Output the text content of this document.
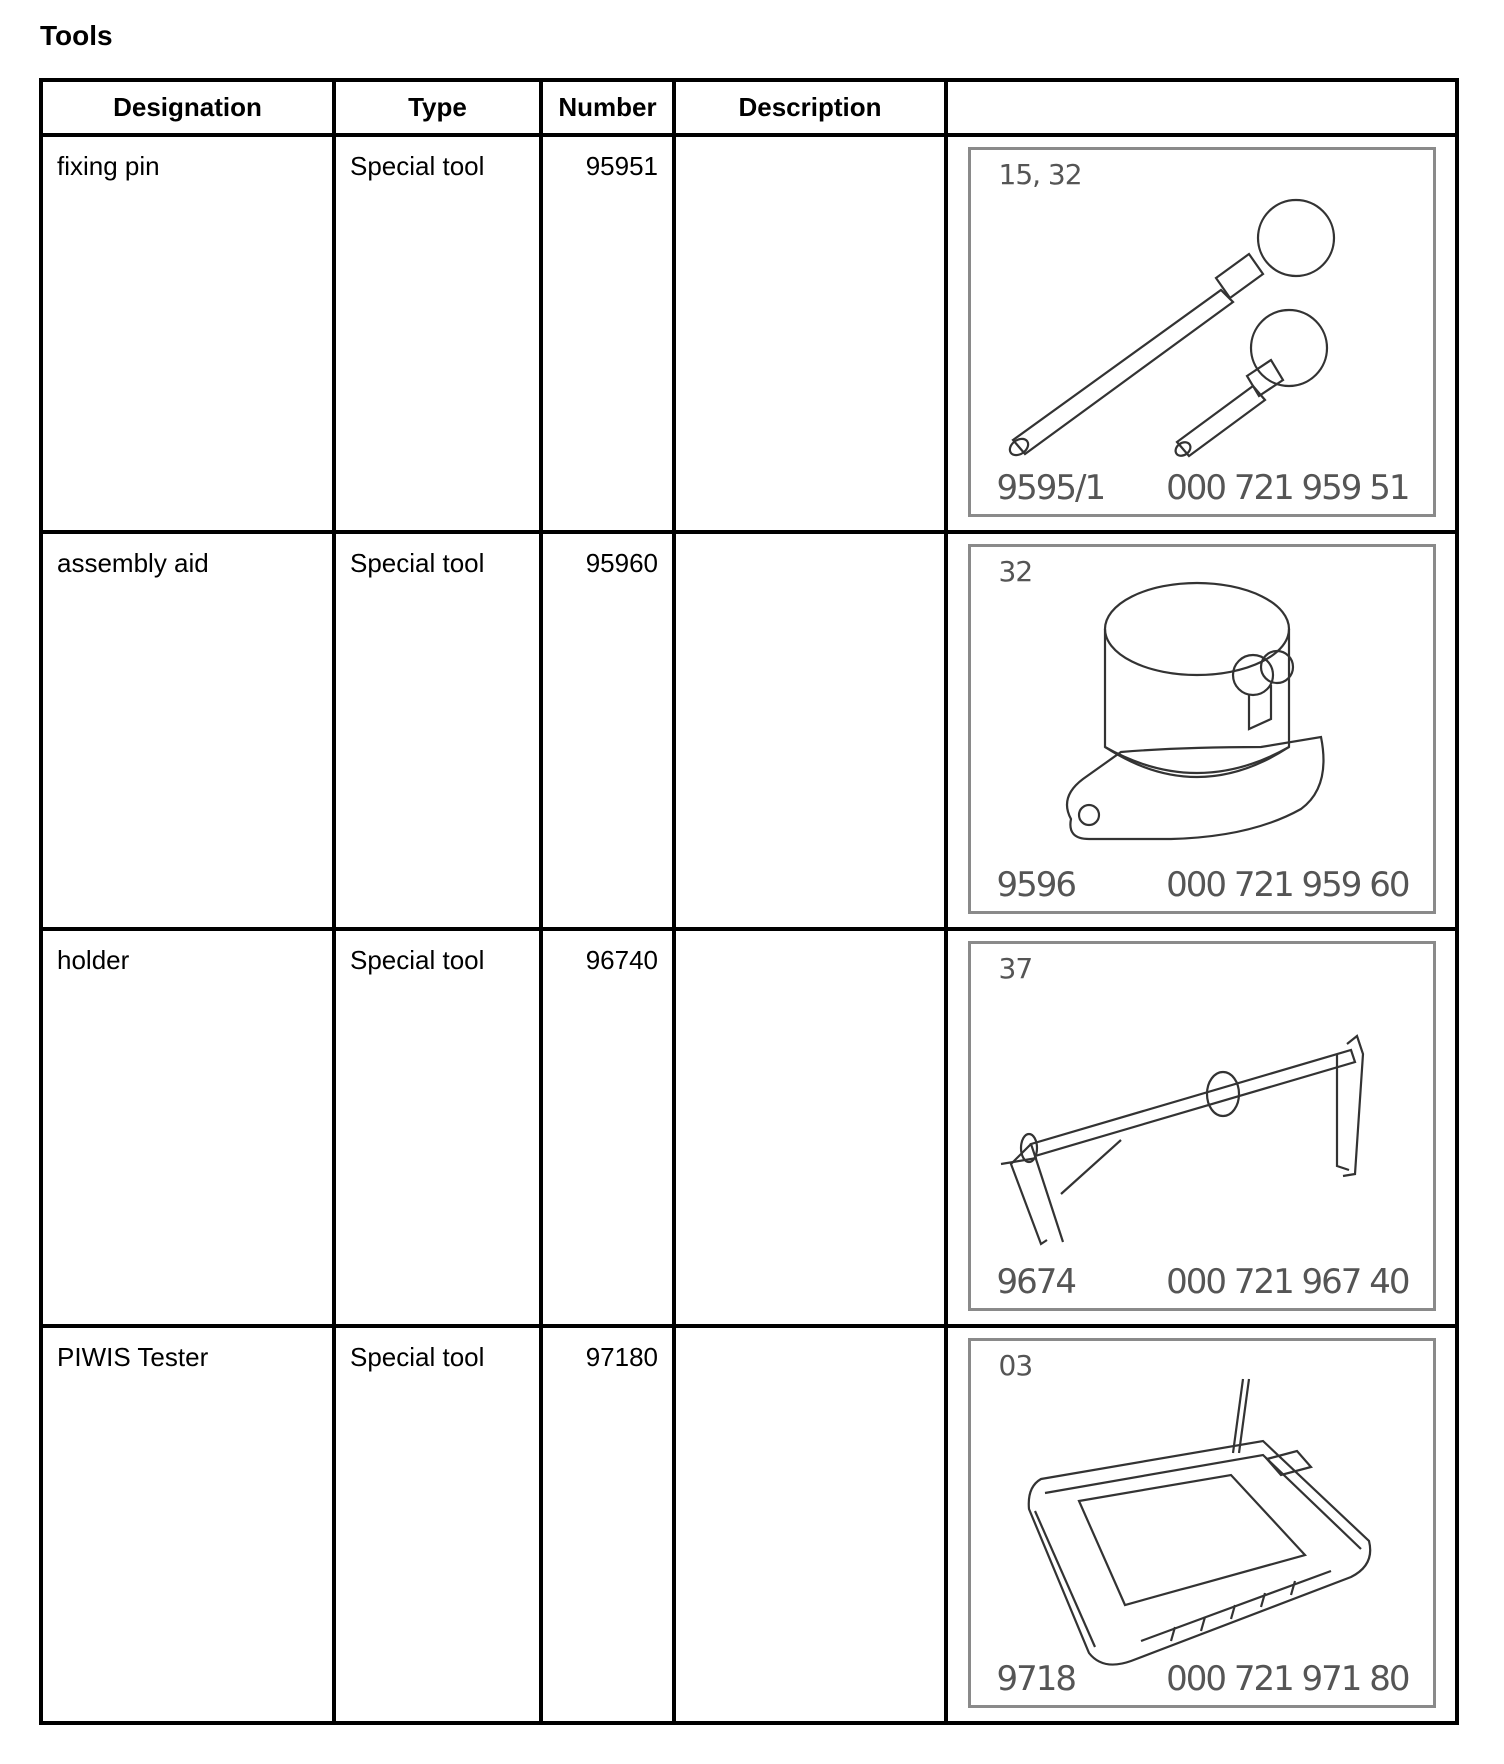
Tools
Designation	Type	Number	Description	

fixing pin	Special tool	95951		15, 32
9595/1 000 721 959 51

assembly aid	Special tool	95960		32
9596 000 721 959 60

holder	Special tool	96740		37
9674 000 721 967 40

PIWIS Tester	Special tool	97180		03
9718 000 721 971 80
